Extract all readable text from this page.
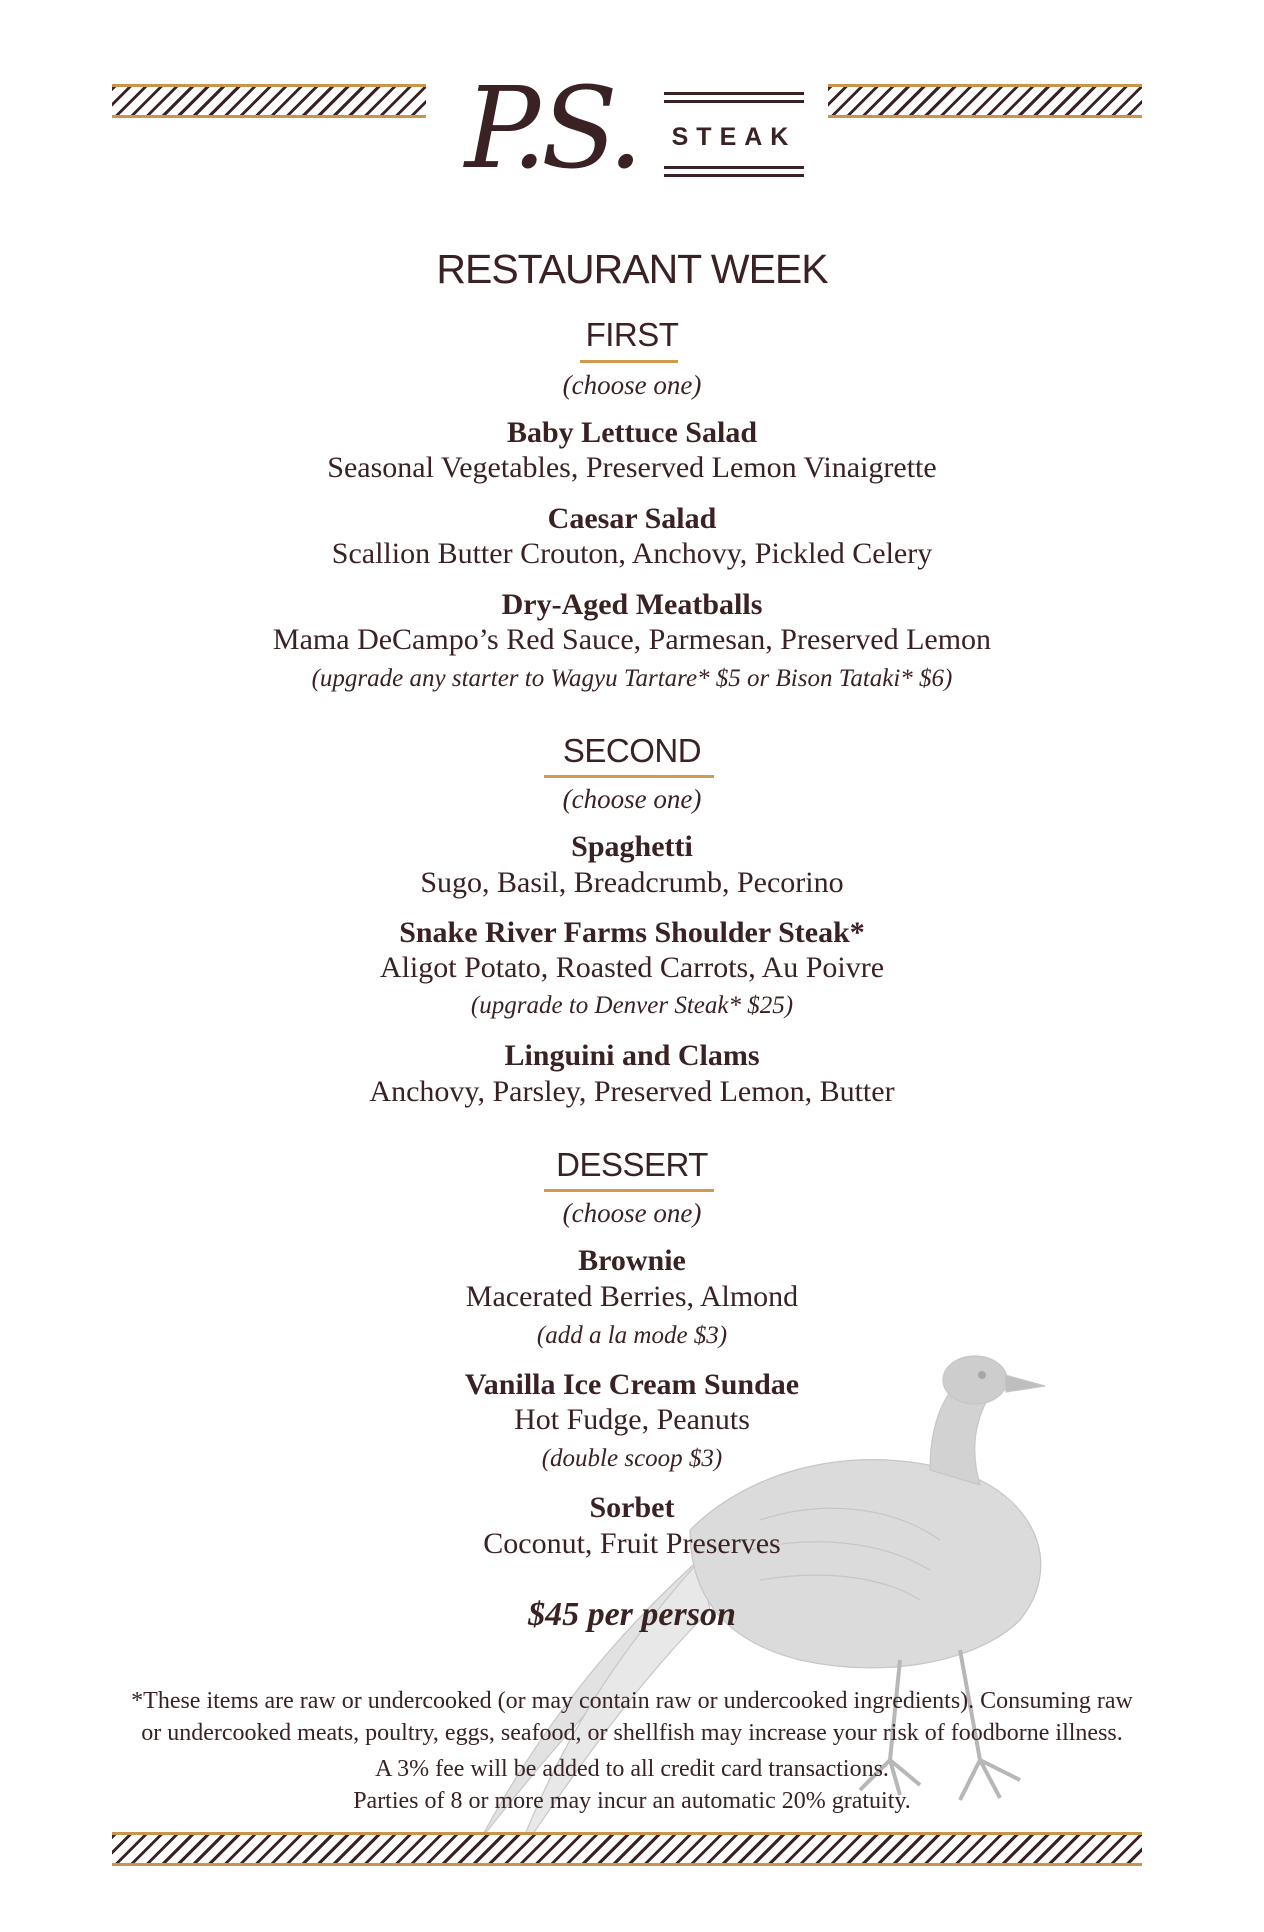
P.S.	STEAK
RESTAURANT WEEK
FIRST
(choose one)
Baby Lettuce Salad
Seasonal Vegetables, Preserved Lemon Vinaigrette
Caesar Salad
Scallion Butter Crouton, Anchovy, Pickled Celery
Dry-Aged Meatballs
Mama DeCampo’s Red Sauce, Parmesan, Preserved Lemon
(upgrade any starter to Wagyu Tartare* $5 or Bison Tataki* $6)
SECOND
(choose one)
Spaghetti
Sugo, Basil, Breadcrumb, Pecorino
Snake River Farms Shoulder Steak*
Aligot Potato, Roasted Carrots, Au Poivre
(upgrade to Denver Steak* $25)
Linguini and Clams
Anchovy, Parsley, Preserved Lemon, Butter
DESSERT
(choose one)
Brownie
Macerated Berries, Almond
(add a la mode $3)
Vanilla Ice Cream Sundae
Hot Fudge, Peanuts
(double scoop $3)
Sorbet
Coconut, Fruit Preserves
$45 per person
*These items are raw or undercooked (or may contain raw or undercooked ingredients). Consuming raw
or undercooked meats, poultry, eggs, seafood, or shellfish may increase your risk of foodborne illness.
A 3% fee will be added to all credit card transactions.
Parties of 8 or more may incur an automatic 20% gratuity.
